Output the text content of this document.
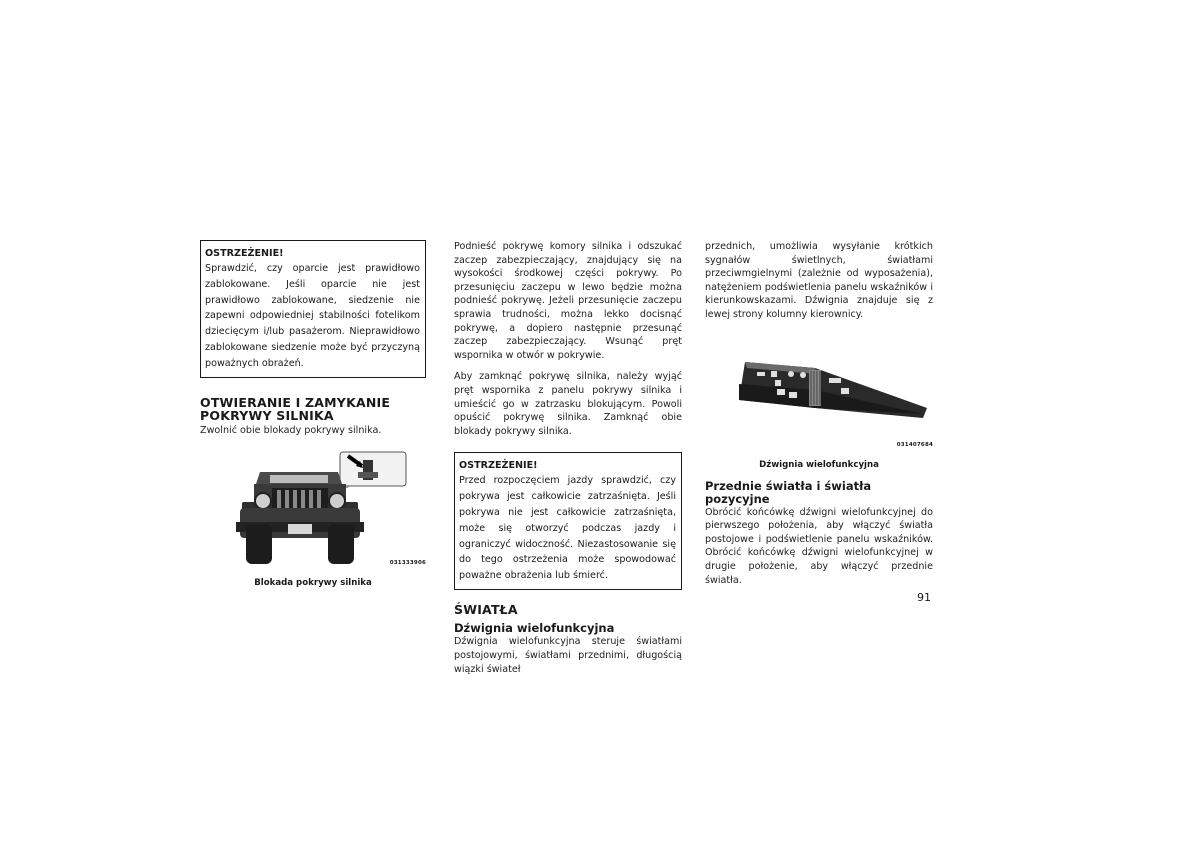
OSTRZEŻENIE!

Sprawdzić, czy oparcie jest prawidłowo zablokowane. Jeśli oparcie nie jest prawidłowo zablokowane, siedzenie nie zapewni odpowiedniej stabilności fotelikom dziecięcym i/lub pasażerom. Nieprawidłowo zablokowane siedzenie może być przyczyną poważnych obrażeń.

OTWIERANIE I ZAMYKANIE POKRYWY SILNIKA

Zwolnić obie blokady pokrywy silnika.

031333906

Blokada pokrywy silnika

Podnieść pokrywę komory silnika i odszukać zaczep zabezpieczający, znajdujący się na wysokości środkowej części pokrywy. Po przesunięciu zaczepu w lewo będzie można podnieść pokrywę. Jeżeli przesunięcie zaczepu sprawia trudności, można lekko docisnąć pokrywę, a dopiero następnie przesunąć zaczep zabezpieczający. Wsunąć pręt wspornika w otwór w pokrywie.

Aby zamknąć pokrywę silnika, należy wyjąć pręt wspornika z panelu pokrywy silnika i umieścić go w zatrzasku blokującym. Powoli opuścić pokrywę silnika. Zamknąć obie blokady pokrywy silnika.

OSTRZEŻENIE!

Przed rozpoczęciem jazdy sprawdzić, czy pokrywa jest całkowicie zatrzaśnięta. Jeśli pokrywa nie jest całkowicie zatrzaśnięta, może się otworzyć podczas jazdy i ograniczyć widoczność. Niezastosowanie się do tego ostrzeżenia może spowodować poważne obrażenia lub śmierć.

ŚWIATŁA

Dźwignia wielofunkcyjna

Dźwignia wielofunkcyjna steruje światłami postojowymi, światłami przednimi, długością wiązki świateł

przednich, umożliwia wysyłanie krótkich sygnałów świetlnych, światłami przeciwmgielnymi (zależnie od wyposażenia), natężeniem podświetlenia panelu wskaźników i kierunkowskazami. Dźwignia znajduje się z lewej strony kolumny kierownicy.

031407684

Dźwignia wielofunkcyjna

Przednie światła i światła pozycyjne

Obrócić końcówkę dźwigni wielofunkcyjnej do pierwszego położenia, aby włączyć światła postojowe i podświetlenie panelu wskaźników. Obrócić końcówkę dźwigni wielofunkcyjnej w drugie położenie, aby włączyć przednie światła.

91
